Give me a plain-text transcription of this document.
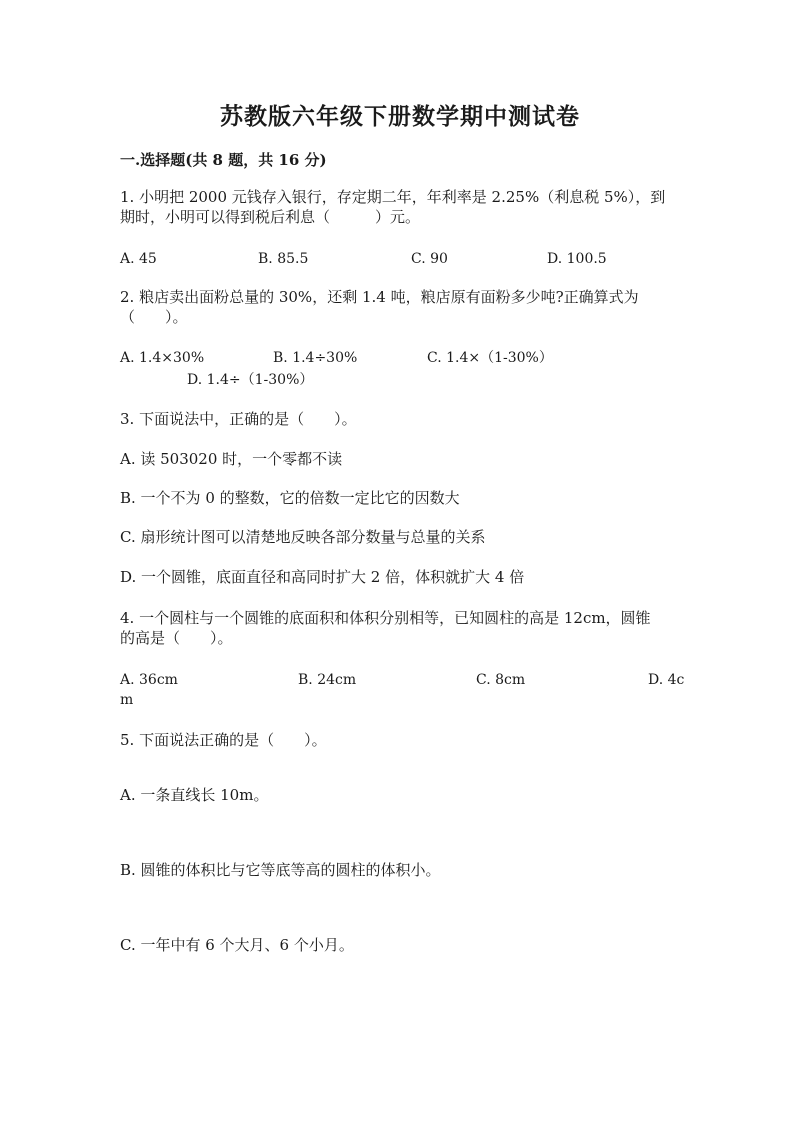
苏教版六年级下册数学期中测试卷
一.选择题(共 8 题，共 16 分)
1. 小明把 2000 元钱存入银行，存定期二年，年利率是 2.25%（利息税 5%），到
期时，小明可以得到税后利息（　　　）元。
A. 45	B. 85.5	C. 90	D. 100.5
2. 粮店卖出面粉总量的 30%，还剩 1.4 吨，粮店原有面粉多少吨?正确算式为
（　　）。
A. 1.4×30%	B. 1.4÷30%	C. 1.4×（1-30%）
D. 1.4÷（1-30%）
3. 下面说法中，正确的是（　　）。
A. 读 503020 时，一个零都不读
B. 一个不为 0 的整数，它的倍数一定比它的因数大
C. 扇形统计图可以清楚地反映各部分数量与总量的关系
D. 一个圆锥，底面直径和高同时扩大 2 倍，体积就扩大 4 倍
4. 一个圆柱与一个圆锥的底面积和体积分别相等，已知圆柱的高是 12cm，圆锥
的高是（　　）。
A. 36cm	B. 24cm	C. 8cm	D. 4c
m
5. 下面说法正确的是（　　）。
A. 一条直线长 10m。
B. 圆锥的体积比与它等底等高的圆柱的体积小。
C. 一年中有 6 个大月、6 个小月。
